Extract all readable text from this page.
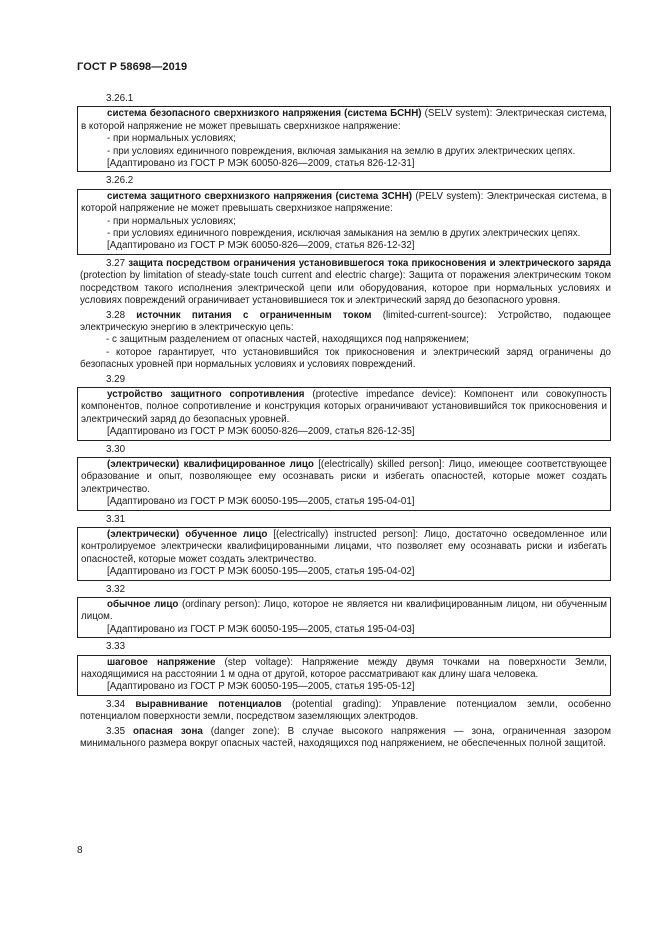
ГОСТ Р 58698—2019
3.26.1

система безопасного сверхнизкого напряжения (система БСНН) (SELV system): Электрическая система, в которой напряжение не может превышать сверхнизкое напряжение:

- при нормальных условиях;

- при условиях единичного повреждения, включая замыкания на землю в других электрических цепях.

[Адаптировано из ГОСТ Р МЭК 60050-826—2009, статья 826-12-31]

3.26.2

система защитного сверхнизкого напряжения (система ЗСНН) (PELV system): Электрическая система, в которой напряжение не может превышать сверхнизкое напряжение:

- при нормальных условиях;

- при условиях единичного повреждения, исключая замыкания на землю в других электрических цепях.

[Адаптировано из ГОСТ Р МЭК 60050-826—2009, статья 826-12-32]

3.27 защита посредством ограничения установившегося тока прикосновения и электрического заряда (protection by limitation of steady-state touch current and electric charge): Защита от поражения электрическим током посредством такого исполнения электрической цепи или оборудования, которое при нормальных условиях и условиях повреждений ограничивает установившиеся ток и электрический заряд до безопасного уровня.

3.28 источник питания с ограниченным током (limited-current-source): Устройство, подающее электрическую энергию в электрическую цепь:

- с защитным разделением от опасных частей, находящихся под напряжением;

- которое гарантирует, что установившийся ток прикосновения и электрический заряд ограничены до безопасных уровней при нормальных условиях и условиях повреждений.

3.29

устройство защитного сопротивления (protective impedance device): Компонент или совокупность компонентов, полное сопротивление и конструкция которых ограничивают установившийся ток прикосновения и электрический заряд до безопасных уровней.

[Адаптировано из ГОСТ Р МЭК 60050-826—2009, статья 826-12-35]

3.30

(электрически) квалифицированное лицо [(electrically) skilled person]: Лицо, имеющее соответствующее образование и опыт, позволяющее ему осознавать риски и избегать опасностей, которые может создать электричество.

[Адаптировано из ГОСТ Р МЭК 60050-195—2005, статья 195-04-01]

3.31

(электрически) обученное лицо [(electrically) instructed person]: Лицо, достаточно осведомленное или контролируемое электрически квалифицированными лицами, что позволяет ему осознавать риски и избегать опасностей, которые может создать электричество.

[Адаптировано из ГОСТ Р МЭК 60050-195—2005, статья 195-04-02]

3.32

обычное лицо (ordinary person): Лицо, которое не является ни квалифицированным лицом, ни обученным лицом.

[Адаптировано из ГОСТ Р МЭК 60050-195—2005, статья 195-04-03]

3.33

шаговое напряжение (step voltage): Напряжение между двумя точками на поверхности Земли, находящимися на расстоянии 1 м одна от другой, которое рассматривают как длину шага человека.

[Адаптировано из ГОСТ Р МЭК 60050-195—2005, статья 195-05-12]

3.34 выравнивание потенциалов (potential grading): Управление потенциалом земли, особенно потенциалом поверхности земли, посредством заземляющих электродов.

3.35 опасная зона (danger zone): В случае высокого напряжения — зона, ограниченная зазором минимального размера вокруг опасных частей, находящихся под напряжением, не обеспеченных полной защитой.

8
